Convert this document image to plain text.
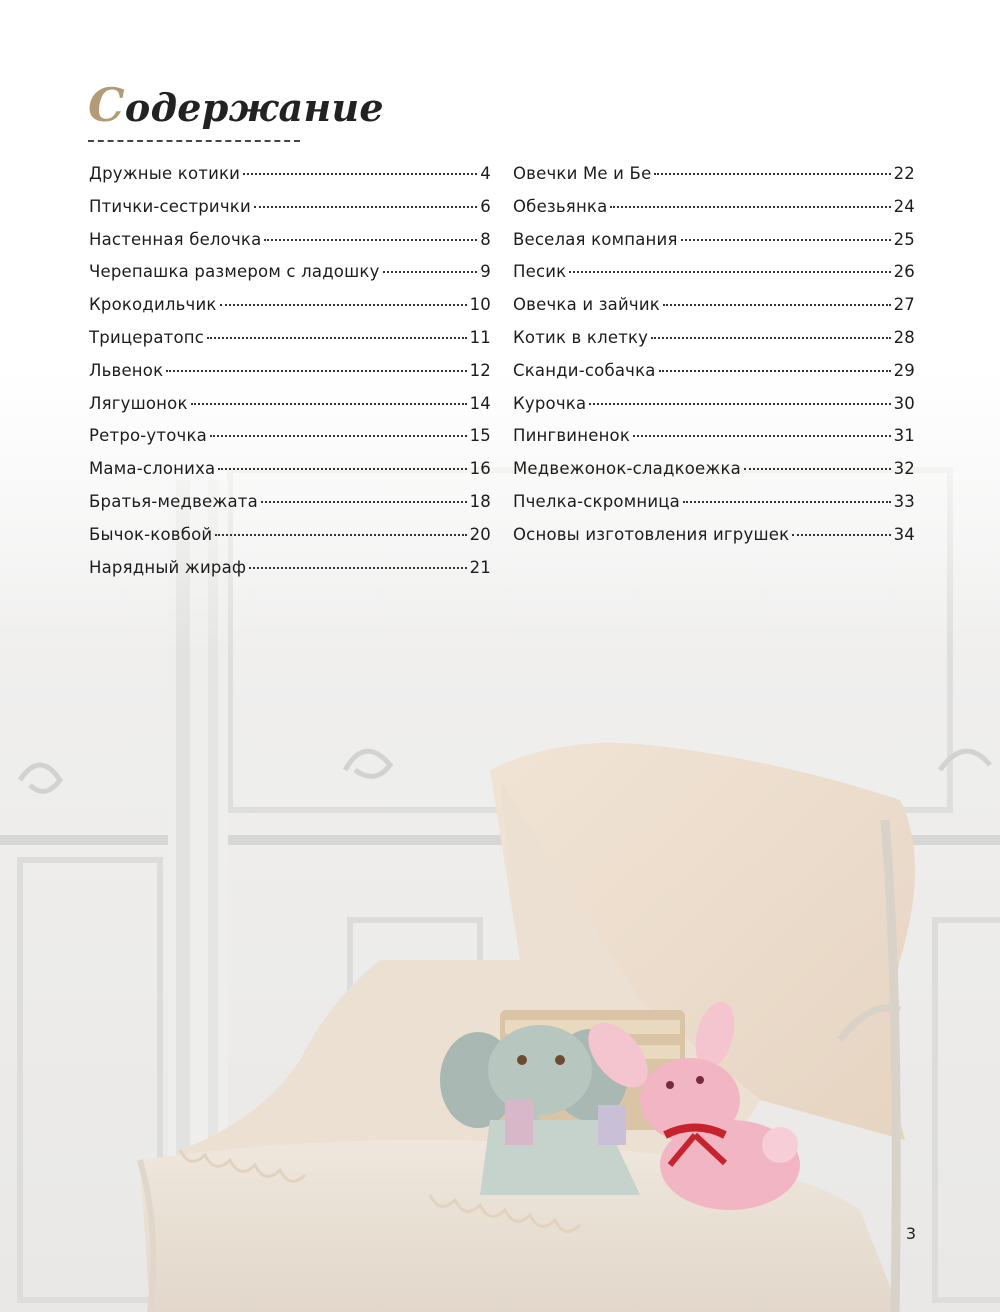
Содержание
Дружные котики	4
Птички-сестрички	6
Настенная белочка	8
Черепашка размером с ладошку	9
Крокодильчик	10
Трицератопс	11
Львенок	12
Лягушонок	14
Ретро-уточка	15
Мама-слониха	16
Братья-медвежата	18
Бычок-ковбой	20
Нарядный жираф	21
Овечки Ме и Бе	22
Обезьянка	24
Веселая компания	25
Песик	26
Овечка и зайчик	27
Котик в клетку	28
Сканди-собачка	29
Курочка	30
Пингвиненок	31
Медвежонок-сладкоежка	32
Пчелка-скромница	33
Основы изготовления игрушек	34
3
